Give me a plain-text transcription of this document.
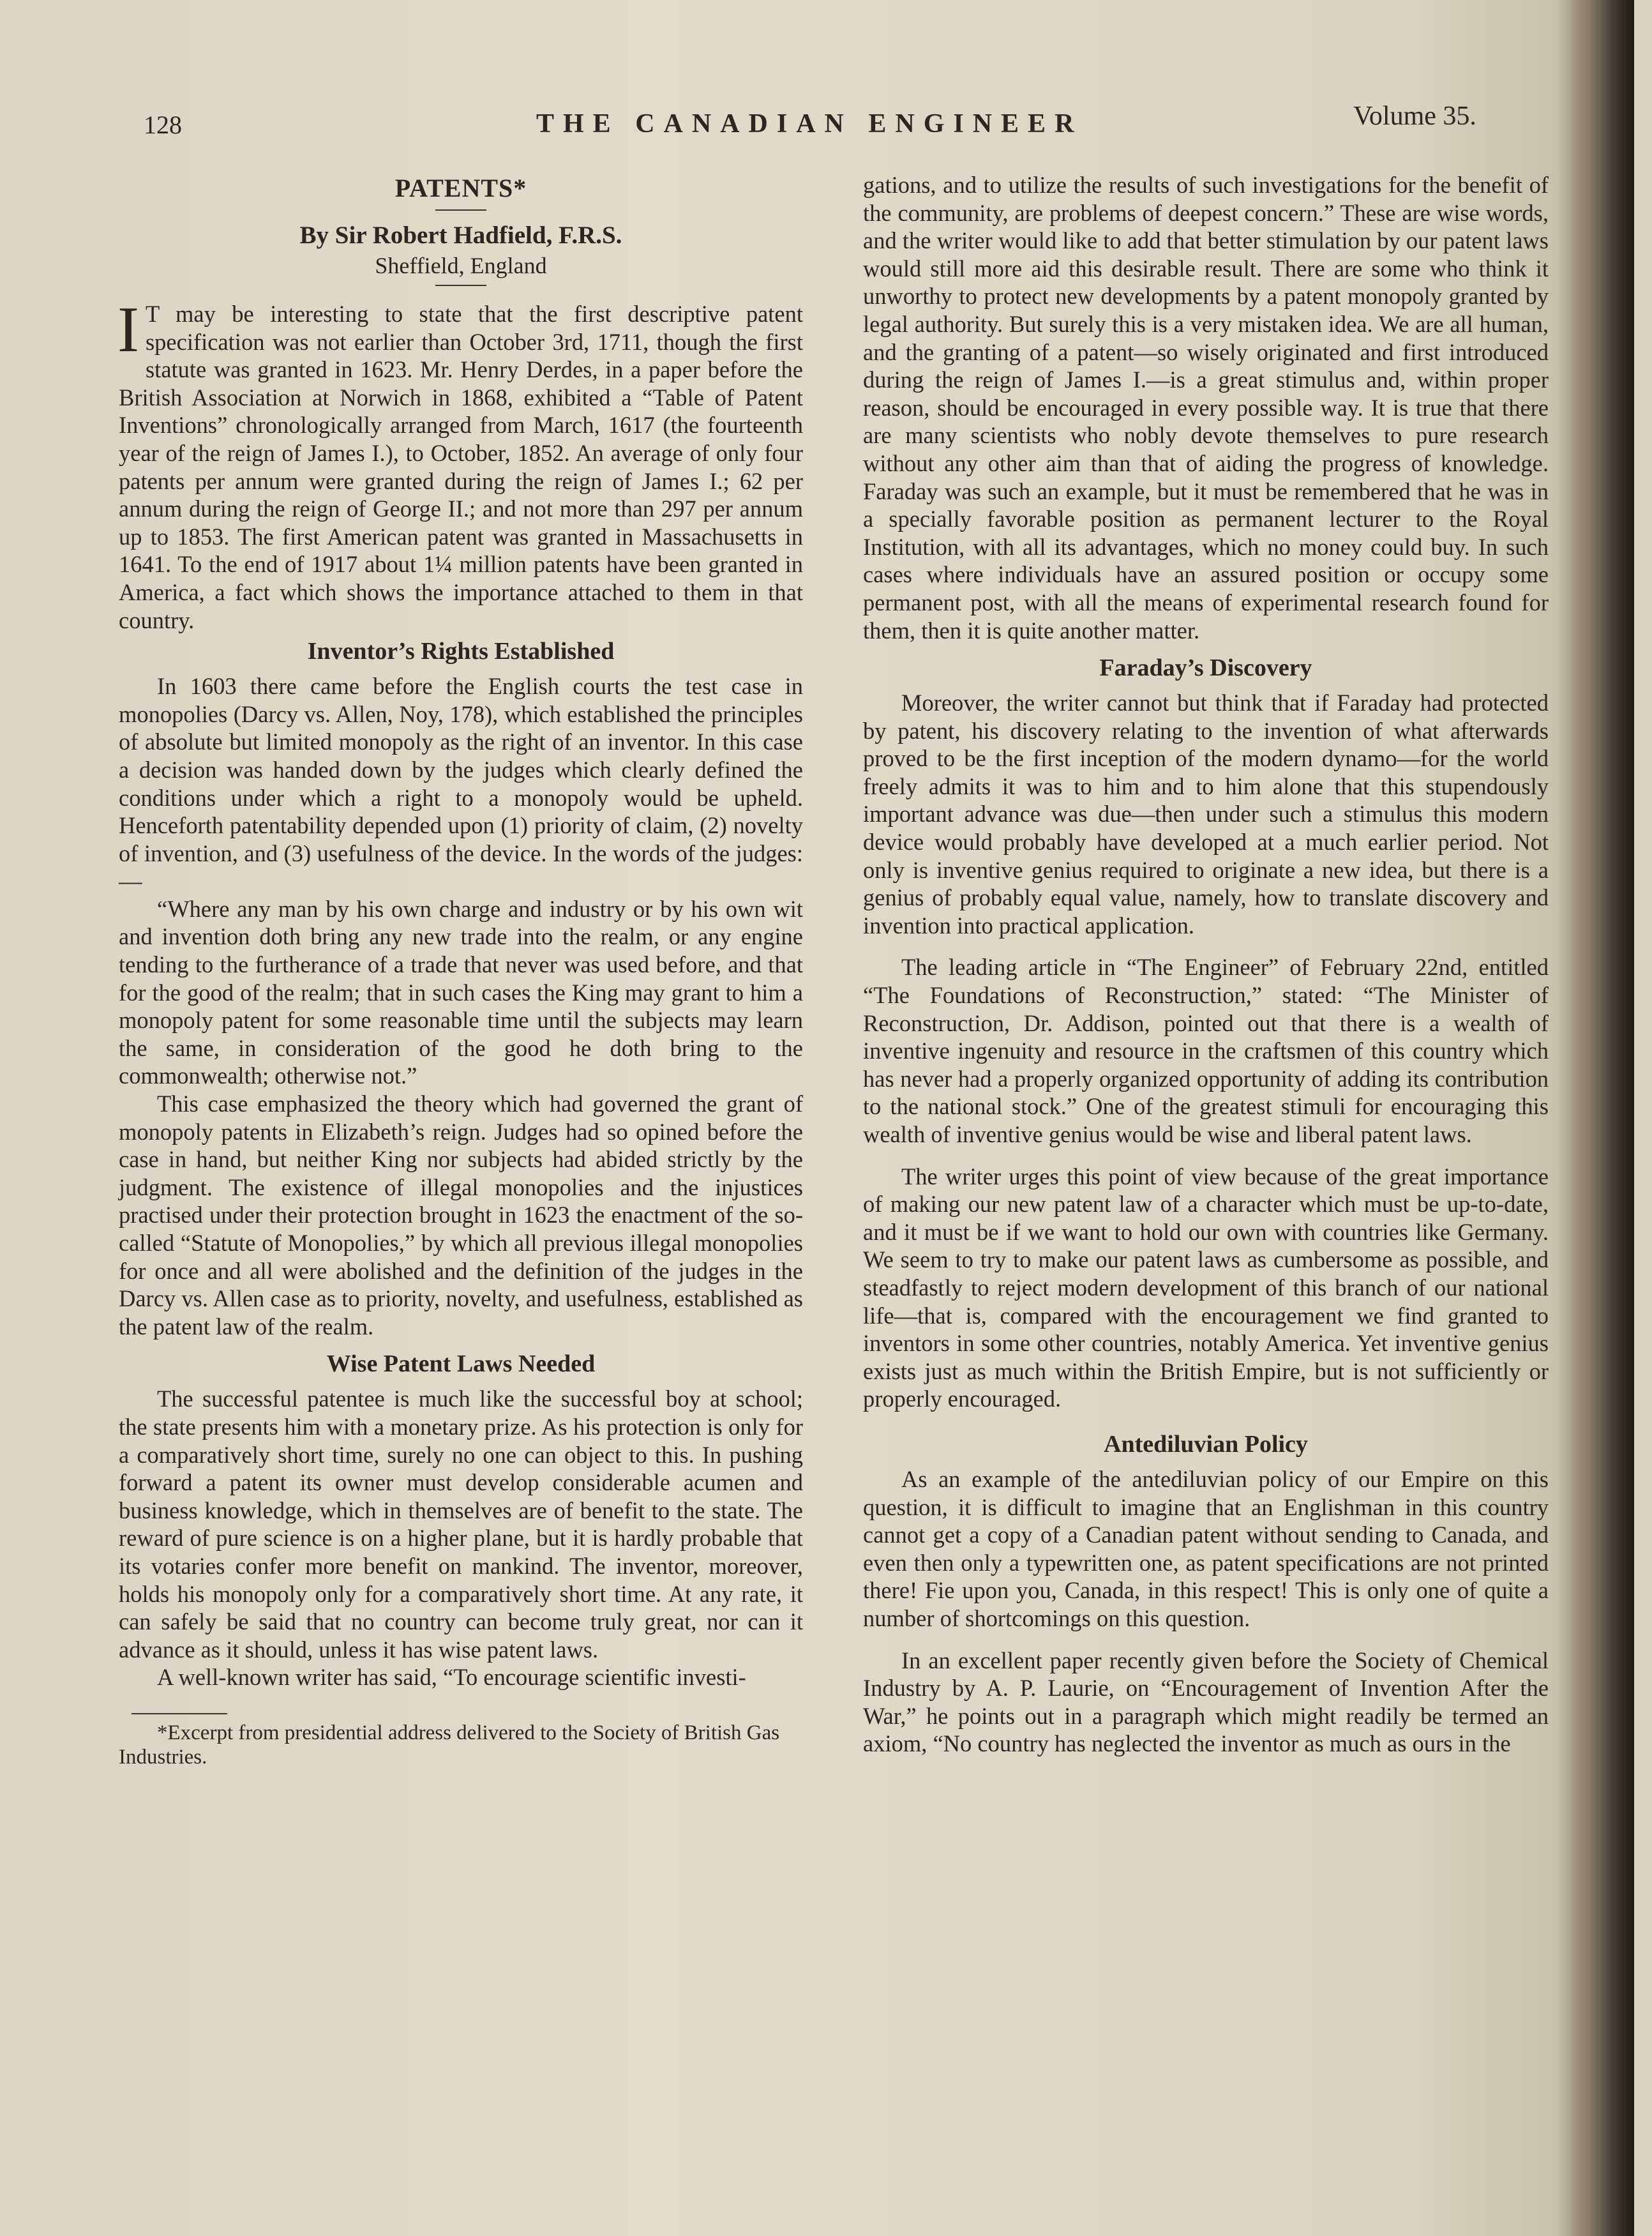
128	THE CANADIAN ENGINEER	Volume 35.
PATENTS*
By Sir Robert Hadfield, F.R.S.
Sheffield, England

I T may be interesting to state that the first descriptive patent specification was not earlier than October 3rd, 1711, though the first statute was granted in 1623. Mr. Henry Derdes, in a paper before the British Association at Norwich in 1868, exhibited a “Table of Patent Inventions” chronologically arranged from March, 1617 (the fourteenth year of the reign of James I.), to October, 1852. An average of only four patents per annum were granted during the reign of James I.; 62 per annum during the reign of George II.; and not more than 297 per annum up to 1853. The first American patent was granted in Massachusetts in 1641. To the end of 1917 about 1¼ million patents have been granted in America, a fact which shows the importance attached to them in that country.

Inventor’s Rights Established

In 1603 there came before the English courts the test case in monopolies (Darcy vs. Allen, Noy, 178), which established the principles of absolute but limited monopoly as the right of an inventor. In this case a decision was handed down by the judges which clearly defined the conditions under which a right to a monopoly would be upheld. Henceforth patentability depended upon (1) priority of claim, (2) novelty of invention, and (3) usefulness of the device. In the words of the judges:—

“Where any man by his own charge and industry or by his own wit and invention doth bring any new trade into the realm, or any engine tending to the furtherance of a trade that never was used before, and that for the good of the realm; that in such cases the King may grant to him a monopoly patent for some reasonable time until the subjects may learn the same, in consideration of the good he doth bring to the commonwealth; otherwise not.”

This case emphasized the theory which had governed the grant of monopoly patents in Elizabeth’s reign. Judges had so opined before the case in hand, but neither King nor subjects had abided strictly by the judgment. The existence of illegal monopolies and the injustices practised under their protection brought in 1623 the enactment of the so-called “Statute of Monopolies,” by which all previous illegal monopolies for once and all were abolished and the definition of the judges in the Darcy vs. Allen case as to priority, novelty, and usefulness, established as the patent law of the realm.

Wise Patent Laws Needed

The successful patentee is much like the successful boy at school; the state presents him with a monetary prize. As his protection is only for a comparatively short time, surely no one can object to this. In pushing forward a patent its owner must develop considerable acumen and business knowledge, which in themselves are of benefit to the state. The reward of pure science is on a higher plane, but it is hardly probable that its votaries confer more benefit on mankind. The inventor, moreover, holds his monopoly only for a comparatively short time. At any rate, it can safely be said that no country can become truly great, nor can it advance as it should, unless it has wise patent laws.

A well-known writer has said, “To encourage scientific investi-

*Excerpt from presidential address delivered to the Society of British Gas Industries.

gations, and to utilize the results of such investigations for the benefit of the community, are problems of deepest concern.” These are wise words, and the writer would like to add that better stimulation by our patent laws would still more aid this desirable result. There are some who think it unworthy to protect new developments by a patent monopoly granted by legal authority. But surely this is a very mistaken idea. We are all human, and the granting of a patent—so wisely originated and first introduced during the reign of James I.—is a great stimulus and, within proper reason, should be encouraged in every possible way. It is true that there are many scientists who nobly devote themselves to pure research without any other aim than that of aiding the progress of knowledge. Faraday was such an example, but it must be remembered that he was in a specially favorable position as permanent lecturer to the Royal Institution, with all its advantages, which no money could buy. In such cases where individuals have an assured position or occupy some permanent post, with all the means of experimental research found for them, then it is quite another matter.

Faraday’s Discovery

Moreover, the writer cannot but think that if Faraday had protected by patent, his discovery relating to the invention of what afterwards proved to be the first inception of the modern dynamo—for the world freely admits it was to him and to him alone that this stupendously important advance was due—then under such a stimulus this modern device would probably have developed at a much earlier period. Not only is inventive genius required to originate a new idea, but there is a genius of probably equal value, namely, how to translate discovery and invention into practical application.

The leading article in “The Engineer” of February 22nd, entitled “The Foundations of Reconstruction,” stated: “The Minister of Reconstruction, Dr. Addison, pointed out that there is a wealth of inventive ingenuity and resource in the craftsmen of this country which has never had a properly organized opportunity of adding its contribution to the national stock.” One of the greatest stimuli for encouraging this wealth of inventive genius would be wise and liberal patent laws.

The writer urges this point of view because of the great importance of making our new patent law of a character which must be up-to-date, and it must be if we want to hold our own with countries like Germany. We seem to try to make our patent laws as cumbersome as possible, and steadfastly to reject modern development of this branch of our national life—that is, compared with the encouragement we find granted to inventors in some other countries, notably America. Yet inventive genius exists just as much within the British Empire, but is not sufficiently or properly encouraged.

Antediluvian Policy

As an example of the antediluvian policy of our Empire on this question, it is difficult to imagine that an Englishman in this country cannot get a copy of a Canadian patent without sending to Canada, and even then only a typewritten one, as patent specifications are not printed there! Fie upon you, Canada, in this respect! This is only one of quite a number of shortcomings on this question.

In an excellent paper recently given before the Society of Chemical Industry by A. P. Laurie, on “Encouragement of Invention After the War,” he points out in a paragraph which might readily be termed an axiom, “No country has neglected the inventor as much as ours in the
